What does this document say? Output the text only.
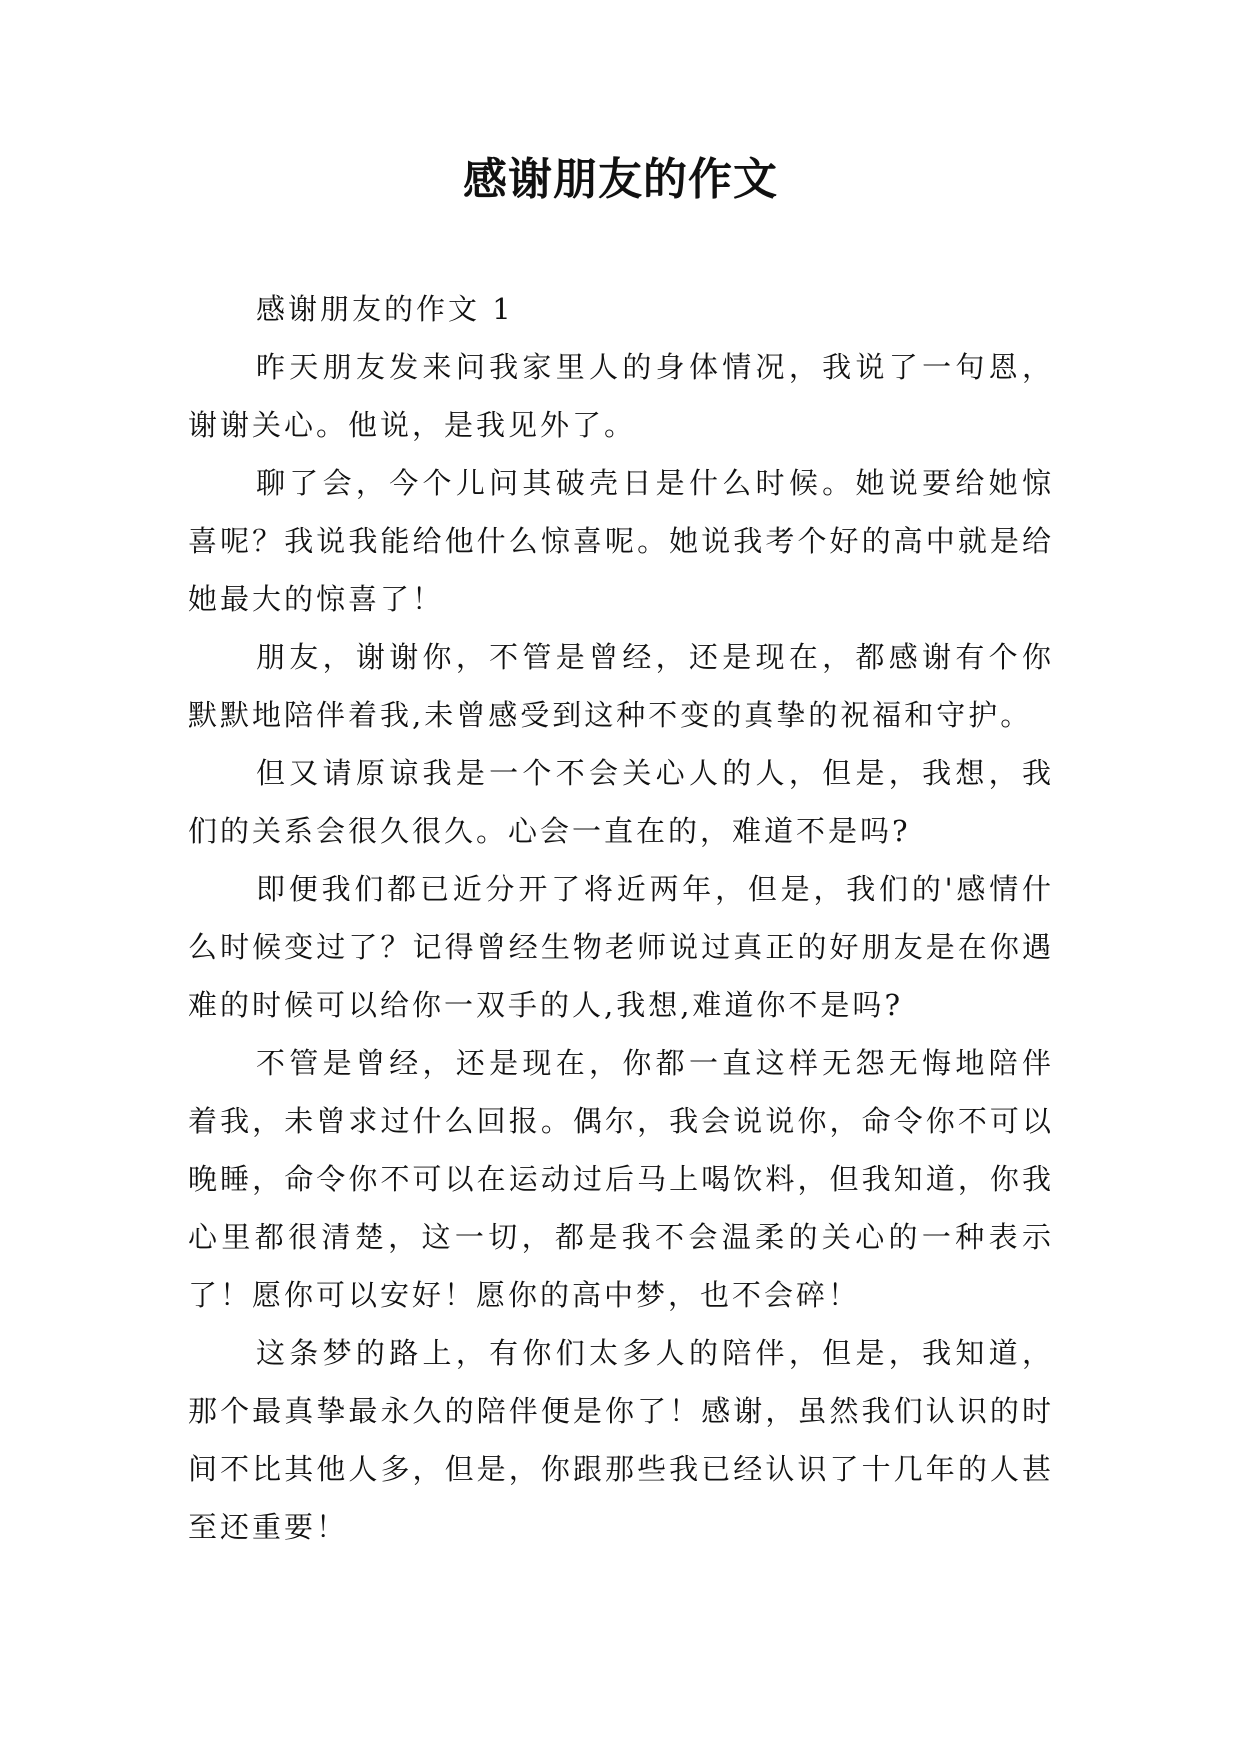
感谢朋友的作文

感谢朋友的作文 1

昨天朋友发来问我家里人的身体情况，我说了一句恩，谢谢关心。他说，是我见外了。

聊了会，今个儿问其破壳日是什么时候。她说要给她惊喜呢？我说我能给他什么惊喜呢。她说我考个好的高中就是给她最大的惊喜了！

朋友，谢谢你，不管是曾经，还是现在，都感谢有个你默默地陪伴着我,未曾感受到这种不变的真挚的祝福和守护。

但又请原谅我是一个不会关心人的人，但是，我想，我们的关系会很久很久。心会一直在的，难道不是吗?

即便我们都已近分开了将近两年，但是，我们的'感情什么时候变过了？记得曾经生物老师说过真正的好朋友是在你遇难的时候可以给你一双手的人,我想,难道你不是吗?

不管是曾经，还是现在，你都一直这样无怨无悔地陪伴着我，未曾求过什么回报。偶尔，我会说说你，命令你不可以晚睡，命令你不可以在运动过后马上喝饮料，但我知道，你我心里都很清楚，这一切，都是我不会温柔的关心的一种表示了！愿你可以安好！愿你的高中梦，也不会碎！

这条梦的路上，有你们太多人的陪伴，但是，我知道，那个最真挚最永久的陪伴便是你了！感谢，虽然我们认识的时间不比其他人多，但是，你跟那些我已经认识了十几年的人甚至还重要！
